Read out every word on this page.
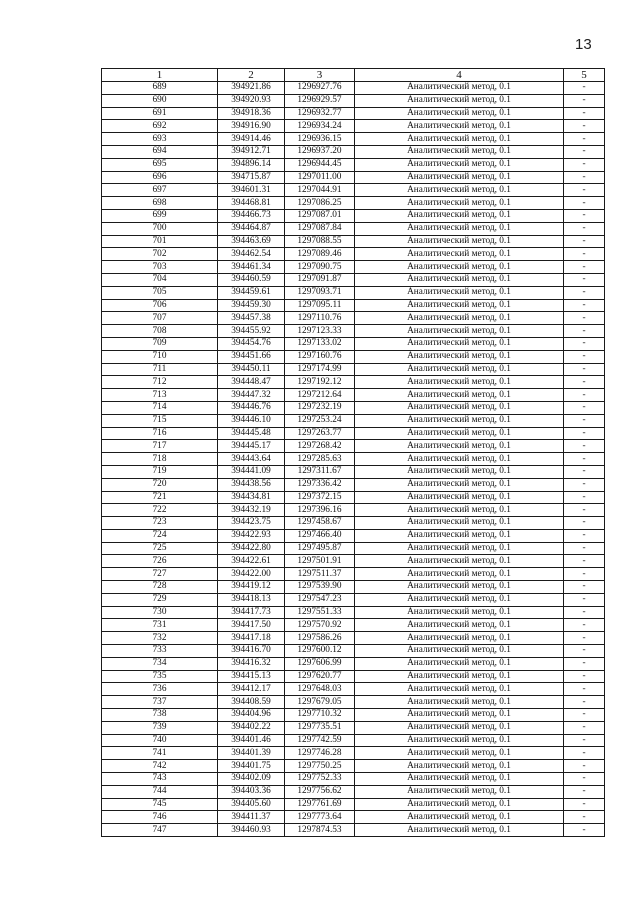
13
1	2	3	4	5
689	394921.86	1296927.76	Аналитический метод, 0.1	-
690	394920.93	1296929.57	Аналитический метод, 0.1	-
691	394918.36	1296932.77	Аналитический метод, 0.1	-
692	394916.90	1296934.24	Аналитический метод, 0.1	-
693	394914.46	1296936.15	Аналитический метод, 0.1	-
694	394912.71	1296937.20	Аналитический метод, 0.1	-
695	394896.14	1296944.45	Аналитический метод, 0.1	-
696	394715.87	1297011.00	Аналитический метод, 0.1	-
697	394601.31	1297044.91	Аналитический метод, 0.1	-
698	394468.81	1297086.25	Аналитический метод, 0.1	-
699	394466.73	1297087.01	Аналитический метод, 0.1	-
700	394464.87	1297087.84	Аналитический метод, 0.1	-
701	394463.69	1297088.55	Аналитический метод, 0.1	-
702	394462.54	1297089.46	Аналитический метод, 0.1	-
703	394461.34	1297090.75	Аналитический метод, 0.1	-
704	394460.59	1297091.87	Аналитический метод, 0.1	-
705	394459.61	1297093.71	Аналитический метод, 0.1	-
706	394459.30	1297095.11	Аналитический метод, 0.1	-
707	394457.38	1297110.76	Аналитический метод, 0.1	-
708	394455.92	1297123.33	Аналитический метод, 0.1	-
709	394454.76	1297133.02	Аналитический метод, 0.1	-
710	394451.66	1297160.76	Аналитический метод, 0.1	-
711	394450.11	1297174.99	Аналитический метод, 0.1	-
712	394448.47	1297192.12	Аналитический метод, 0.1	-
713	394447.32	1297212.64	Аналитический метод, 0.1	-
714	394446.76	1297232.19	Аналитический метод, 0.1	-
715	394446.10	1297253.24	Аналитический метод, 0.1	-
716	394445.48	1297263.77	Аналитический метод, 0.1	-
717	394445.17	1297268.42	Аналитический метод, 0.1	-
718	394443.64	1297285.63	Аналитический метод, 0.1	-
719	394441.09	1297311.67	Аналитический метод, 0.1	-
720	394438.56	1297336.42	Аналитический метод, 0.1	-
721	394434.81	1297372.15	Аналитический метод, 0.1	-
722	394432.19	1297396.16	Аналитический метод, 0.1	-
723	394423.75	1297458.67	Аналитический метод, 0.1	-
724	394422.93	1297466.40	Аналитический метод, 0.1	-
725	394422.80	1297495.87	Аналитический метод, 0.1	-
726	394422.61	1297501.91	Аналитический метод, 0.1	-
727	394422.00	1297511.37	Аналитический метод, 0.1	-
728	394419.12	1297539.90	Аналитический метод, 0.1	-
729	394418.13	1297547.23	Аналитический метод, 0.1	-
730	394417.73	1297551.33	Аналитический метод, 0.1	-
731	394417.50	1297570.92	Аналитический метод, 0.1	-
732	394417.18	1297586.26	Аналитический метод, 0.1	-
733	394416.70	1297600.12	Аналитический метод, 0.1	-
734	394416.32	1297606.99	Аналитический метод, 0.1	-
735	394415.13	1297620.77	Аналитический метод, 0.1	-
736	394412.17	1297648.03	Аналитический метод, 0.1	-
737	394408.59	1297679.05	Аналитический метод, 0.1	-
738	394404.96	1297710.32	Аналитический метод, 0.1	-
739	394402.22	1297735.51	Аналитический метод, 0.1	-
740	394401.46	1297742.59	Аналитический метод, 0.1	-
741	394401.39	1297746.28	Аналитический метод, 0.1	-
742	394401.75	1297750.25	Аналитический метод, 0.1	-
743	394402.09	1297752.33	Аналитический метод, 0.1	-
744	394403.36	1297756.62	Аналитический метод, 0.1	-
745	394405.60	1297761.69	Аналитический метод, 0.1	-
746	394411.37	1297773.64	Аналитический метод, 0.1	-
747	394460.93	1297874.53	Аналитический метод, 0.1	-
